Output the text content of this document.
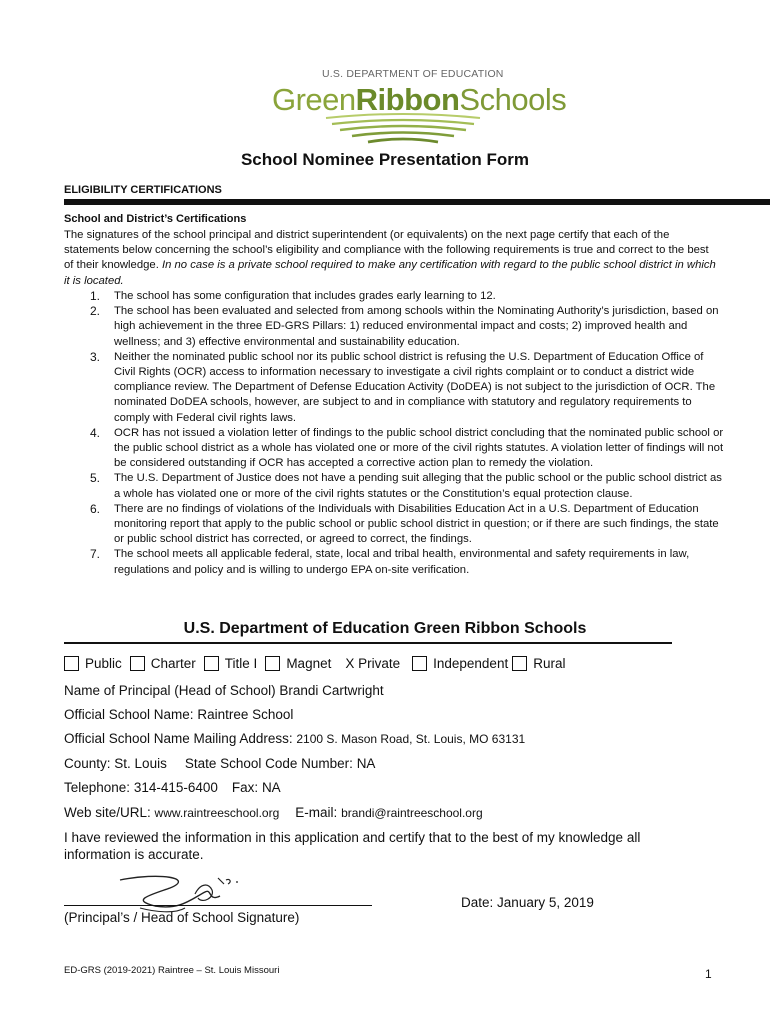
U.S. DEPARTMENT OF EDUCATION
GreenRibbonSchools
School Nominee Presentation Form
ELIGIBILITY CERTIFICATIONS
School and District’s Certifications
The signatures of the school principal and district superintendent (or equivalents) on the next page certify that each of the statements below concerning the school’s eligibility and compliance with the following requirements is true and correct to the best of their knowledge. In no case is a private school required to make any certification with regard to the public school district in which it is located.
1. The school has some configuration that includes grades early learning to 12.
2. The school has been evaluated and selected from among schools within the Nominating Authority’s jurisdiction, based on high achievement in the three ED-GRS Pillars: 1) reduced environmental impact and costs; 2) improved health and wellness; and 3) effective environmental and sustainability education.
3. Neither the nominated public school nor its public school district is refusing the U.S. Department of Education Office of Civil Rights (OCR) access to information necessary to investigate a civil rights complaint or to conduct a district wide compliance review. The Department of Defense Education Activity (DoDEA) is not subject to the jurisdiction of OCR. The nominated DoDEA schools, however, are subject to and in compliance with statutory and regulatory requirements to comply with Federal civil rights laws.
4. OCR has not issued a violation letter of findings to the public school district concluding that the nominated public school or the public school district as a whole has violated one or more of the civil rights statutes. A violation letter of findings will not be considered outstanding if OCR has accepted a corrective action plan to remedy the violation.
5. The U.S. Department of Justice does not have a pending suit alleging that the public school or the public school district as a whole has violated one or more of the civil rights statutes or the Constitution’s equal protection clause.
6. There are no findings of violations of the Individuals with Disabilities Education Act in a U.S. Department of Education monitoring report that apply to the public school or public school district in question; or if there are such findings, the state or public school district has corrected, or agreed to correct, the findings.
7. The school meets all applicable federal, state, local and tribal health, environmental and safety requirements in law, regulations and policy and is willing to undergo EPA on-site verification.
U.S. Department of Education Green Ribbon Schools
Public Charter Title I Magnet X Private Independent Rural
Name of Principal (Head of School) Brandi Cartwright
Official School Name: Raintree School
Official School Name Mailing Address: 2100 S. Mason Road, St. Louis, MO 63131
County: St. Louis State School Code Number: NA
Telephone: 314-415-6400 Fax: NA
Web site/URL: www.raintreeschool.org E-mail: brandi@raintreeschool.org
I have reviewed the information in this application and certify that to the best of my knowledge all information is accurate.
(Principal’s / Head of School Signature)
Date: January 5, 2019
ED-GRS (2019-2021) Raintree – St. Louis Missouri	1
